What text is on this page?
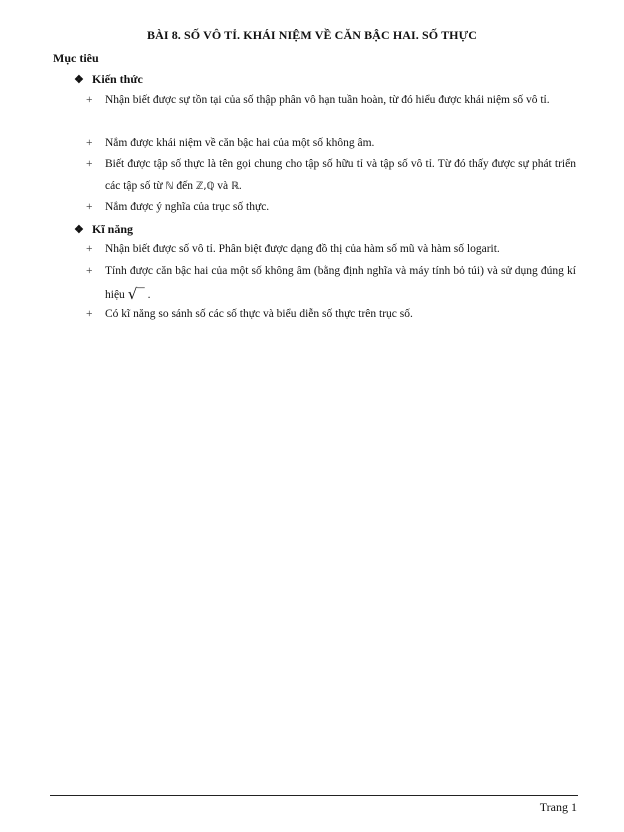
BÀI 8. SỐ VÔ TỈ. KHÁI NIỆM VỀ CĂN BẬC HAI. SỐ THỰC
Mục tiêu
❖ Kiến thức
+	Nhận biết được sự tồn tại của số thập phân vô hạn tuần hoàn, từ đó hiểu được khái niệm số vô tỉ.
+	Nắm được khái niệm về căn bậc hai của một số không âm.
+	Biết được tập số thực là tên gọi chung cho tập số hữu tỉ và tập số vô tỉ. Từ đó thấy được sự phát triển các tập số từ ℕ đến ℤ,ℚ và ℝ.
+	Nắm được ý nghĩa của trục số thực.
❖ Kĩ năng
+	Nhận biết được số vô tỉ. Phân biệt được dạng đồ thị của hàm số mũ và hàm số logarit.
+	Tính được căn bậc hai của một số không âm (bằng định nghĩa và máy tính bỏ túi) và sử dụng đúng kí hiệu √‾ .
+	Có kĩ năng so sánh số các số thực và biểu diễn số thực trên trục số.
Trang 1
